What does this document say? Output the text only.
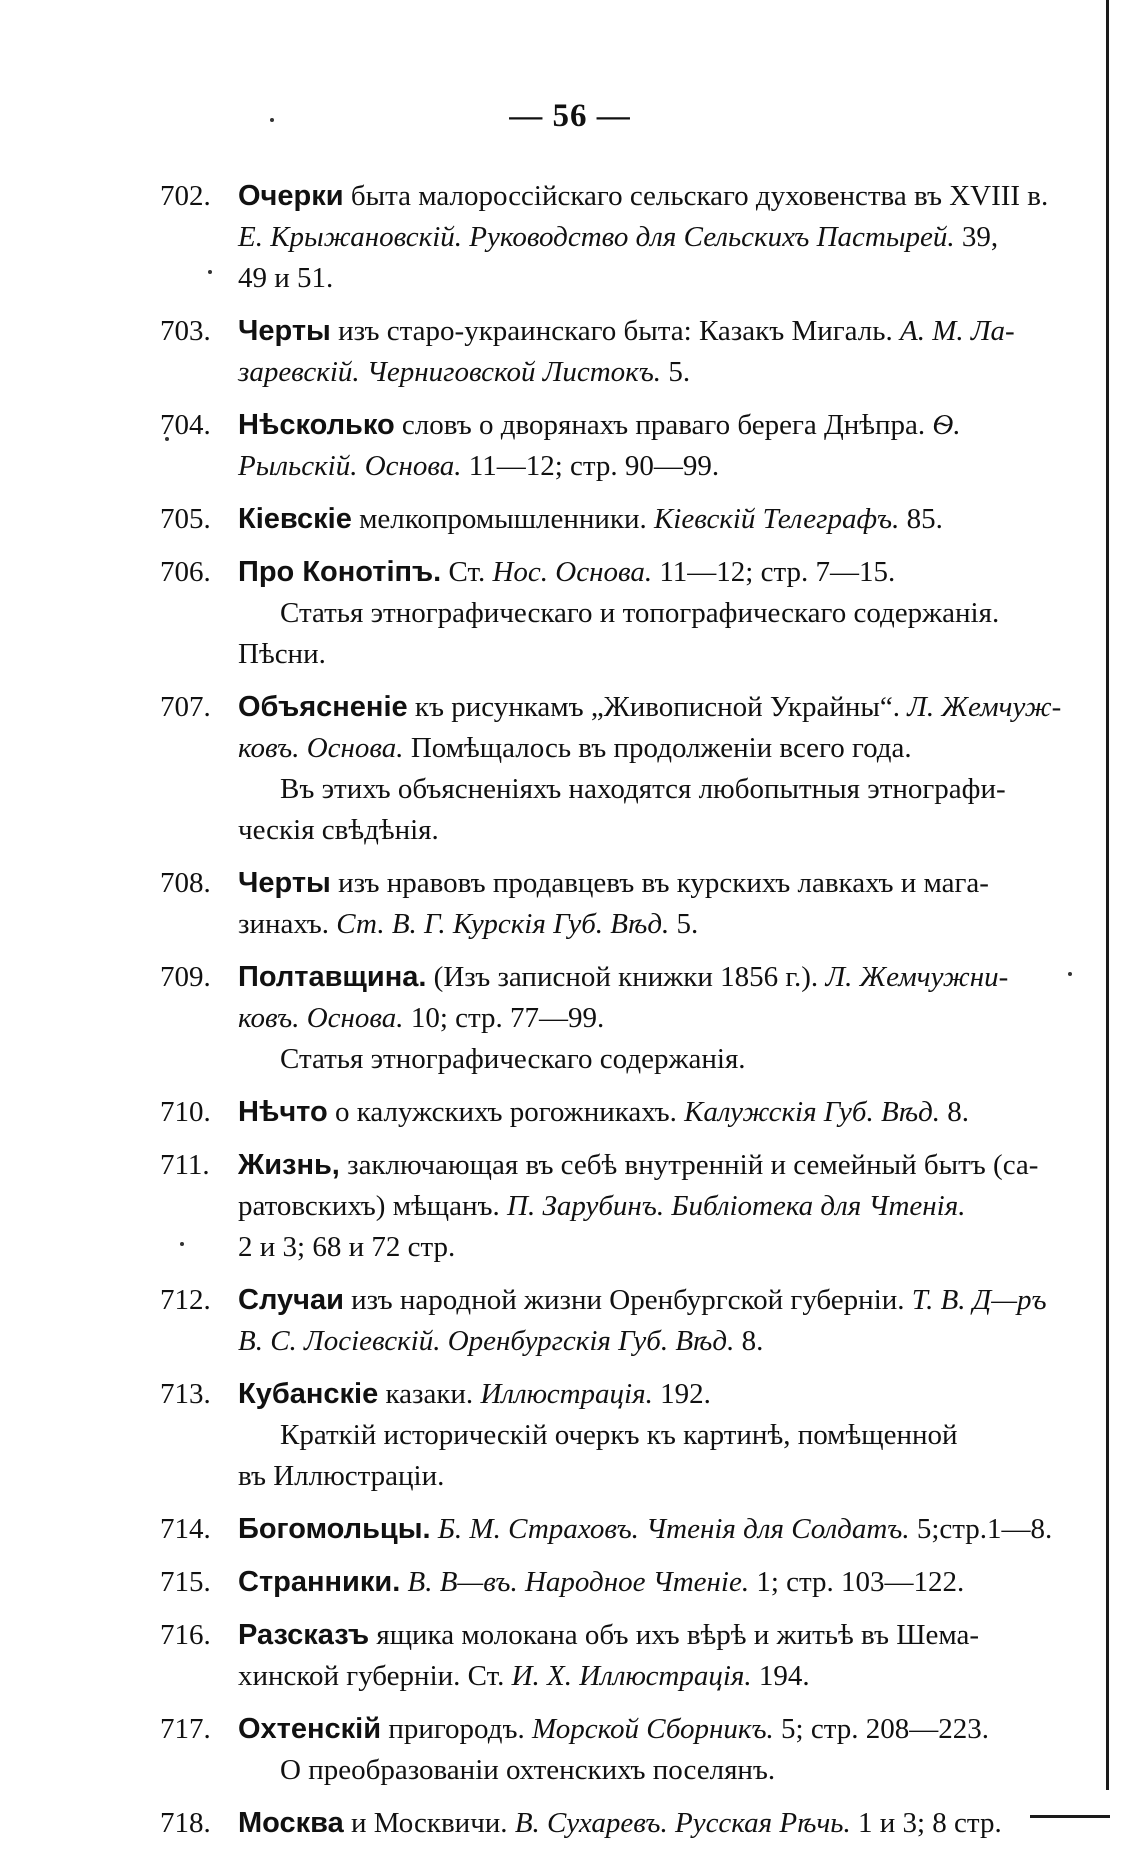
— 56 —
702. Очерки быта малороссійскаго сельскаго духовенства въ XVIII в.
Е. Крыжановскій. Руководство для Сельскихъ Пастырей. 39,
49 и 51.
703. Черты изъ старо-украинскаго быта: Казакъ Мигаль. А. М. Ла-
заревскій. Черниговской Листокъ. 5.
704. Нѣсколько словъ о дворянахъ праваго берега Днѣпра. Ѳ.
Рыльскій. Основа. 11—12; стр. 90—99.
705. Кіевскіе мелкопромышленники. Кіевскій Телеграфъ. 85.
706. Про Конотіпъ. Ст. Нос. Основа. 11—12; стр. 7—15.
Статья этнографическаго и топографическаго содержанія.
Пѣсни.
707. Объясненіе къ рисункамъ „Живописной Украйны“. Л. Жемчуж-
ковъ. Основа. Помѣщалось въ продолженіи всего года.
Въ этихъ объясненіяхъ находятся любопытныя этнографи-
ческія свѣдѣнія.
708. Черты изъ нравовъ продавцевъ въ курскихъ лавкахъ и мага-
зинахъ. Ст. В. Г. Курскія Губ. Вѣд. 5.
709. Полтавщина. (Изъ записной книжки 1856 г.). Л. Жемчужни-
ковъ. Основа. 10; стр. 77—99.
Статья этнографическаго содержанія.
710. Нѣчто о калужскихъ рогожникахъ. Калужскія Губ. Вѣд. 8.
711. Жизнь, заключающая въ себѣ внутренній и семейный бытъ (са-
ратовскихъ) мѣщанъ. П. Зарубинъ. Библіотека для Чтенія.
2 и 3; 68 и 72 стр.
712. Случаи изъ народной жизни Оренбургской губерніи. Т. В. Д—ръ
В. С. Лосіевскій. Оренбургскія Губ. Вѣд. 8.
713. Кубанскіе казаки. Иллюстрація. 192.
Краткій историческій очеркъ къ картинѣ, помѣщенной
въ Иллюстраціи.
714. Богомольцы. Б. М. Страховъ. Чтенія для Солдатъ. 5;стр.1—8.
715. Странники. В. В—въ. Народное Чтеніе. 1; стр. 103—122.
716. Разсказъ ящика молокана объ ихъ вѣрѣ и житьѣ въ Шема-
хинской губерніи. Ст. И. Х. Иллюстрація. 194.
717. Охтенскій пригородъ. Морской Сборникъ. 5; стр. 208—223.
О преобразованіи охтенскихъ поселянъ.
718. Москва и Москвичи. В. Сухаревъ. Русская Рѣчь. 1 и 3; 8 стр.
